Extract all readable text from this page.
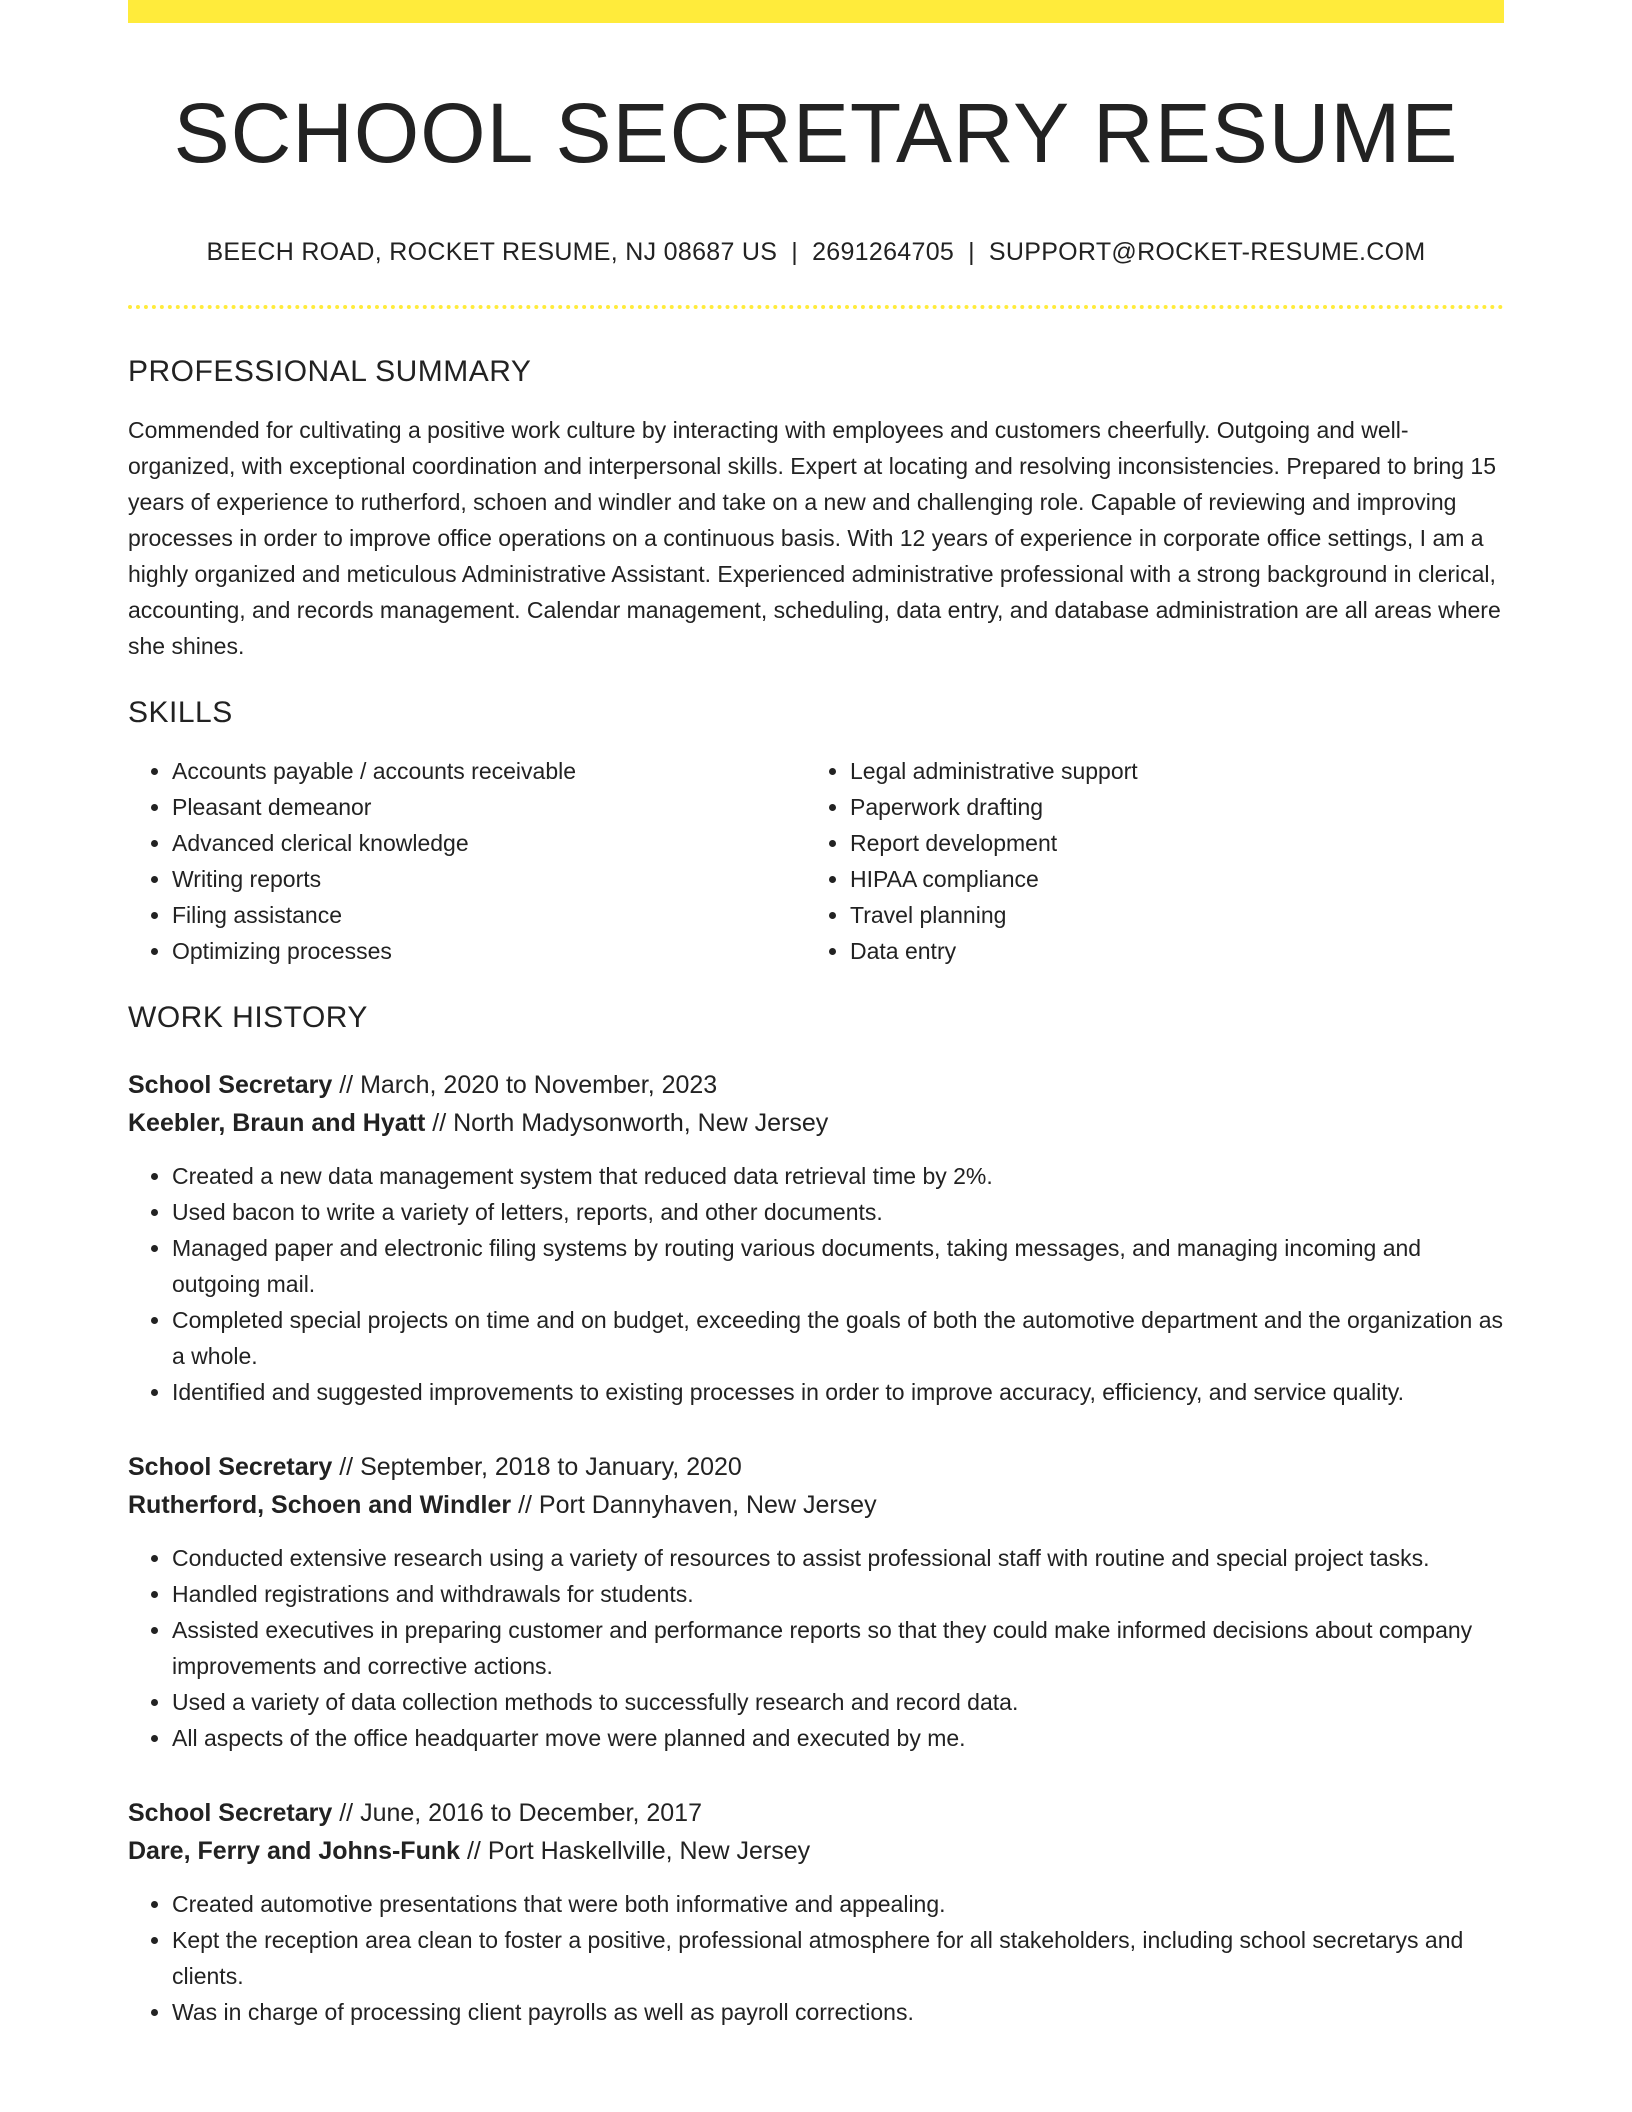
SCHOOL SECRETARY RESUME
BEECH ROAD, ROCKET RESUME, NJ 08687 US | 2691264705 | SUPPORT@ROCKET-RESUME.COM
PROFESSIONAL SUMMARY

Commended for cultivating a positive work culture by interacting with employees and customers cheerfully. Outgoing and well-organized, with exceptional coordination and interpersonal skills. Expert at locating and resolving inconsistencies. Prepared to bring 15 years of experience to rutherford, schoen and windler and take on a new and challenging role. Capable of reviewing and improving processes in order to improve office operations on a continuous basis. With 12 years of experience in corporate office settings, I am a highly organized and meticulous Administrative Assistant. Experienced administrative professional with a strong background in clerical, accounting, and records management. Calendar management, scheduling, data entry, and database administration are all areas where she shines.

SKILLS
• Accounts payable / accounts receivable
• Pleasant demeanor
• Advanced clerical knowledge
• Writing reports
• Filing assistance
• Optimizing processes
• Legal administrative support
• Paperwork drafting
• Report development
• HIPAA compliance
• Travel planning
• Data entry
WORK HISTORY
School Secretary // March, 2020 to November, 2023
Keebler, Braun and Hyatt // North Madysonworth, New Jersey
• Created a new data management system that reduced data retrieval time by 2%.
• Used bacon to write a variety of letters, reports, and other documents.
• Managed paper and electronic filing systems by routing various documents, taking messages, and managing incoming and outgoing mail.
• Completed special projects on time and on budget, exceeding the goals of both the automotive department and the organization as a whole.
• Identified and suggested improvements to existing processes in order to improve accuracy, efficiency, and service quality.
School Secretary // September, 2018 to January, 2020
Rutherford, Schoen and Windler // Port Dannyhaven, New Jersey
• Conducted extensive research using a variety of resources to assist professional staff with routine and special project tasks.
• Handled registrations and withdrawals for students.
• Assisted executives in preparing customer and performance reports so that they could make informed decisions about company improvements and corrective actions.
• Used a variety of data collection methods to successfully research and record data.
• All aspects of the office headquarter move were planned and executed by me.
School Secretary // June, 2016 to December, 2017
Dare, Ferry and Johns-Funk // Port Haskellville, New Jersey
• Created automotive presentations that were both informative and appealing.
• Kept the reception area clean to foster a positive, professional atmosphere for all stakeholders, including school secretarys and clients.
• Was in charge of processing client payrolls as well as payroll corrections.
